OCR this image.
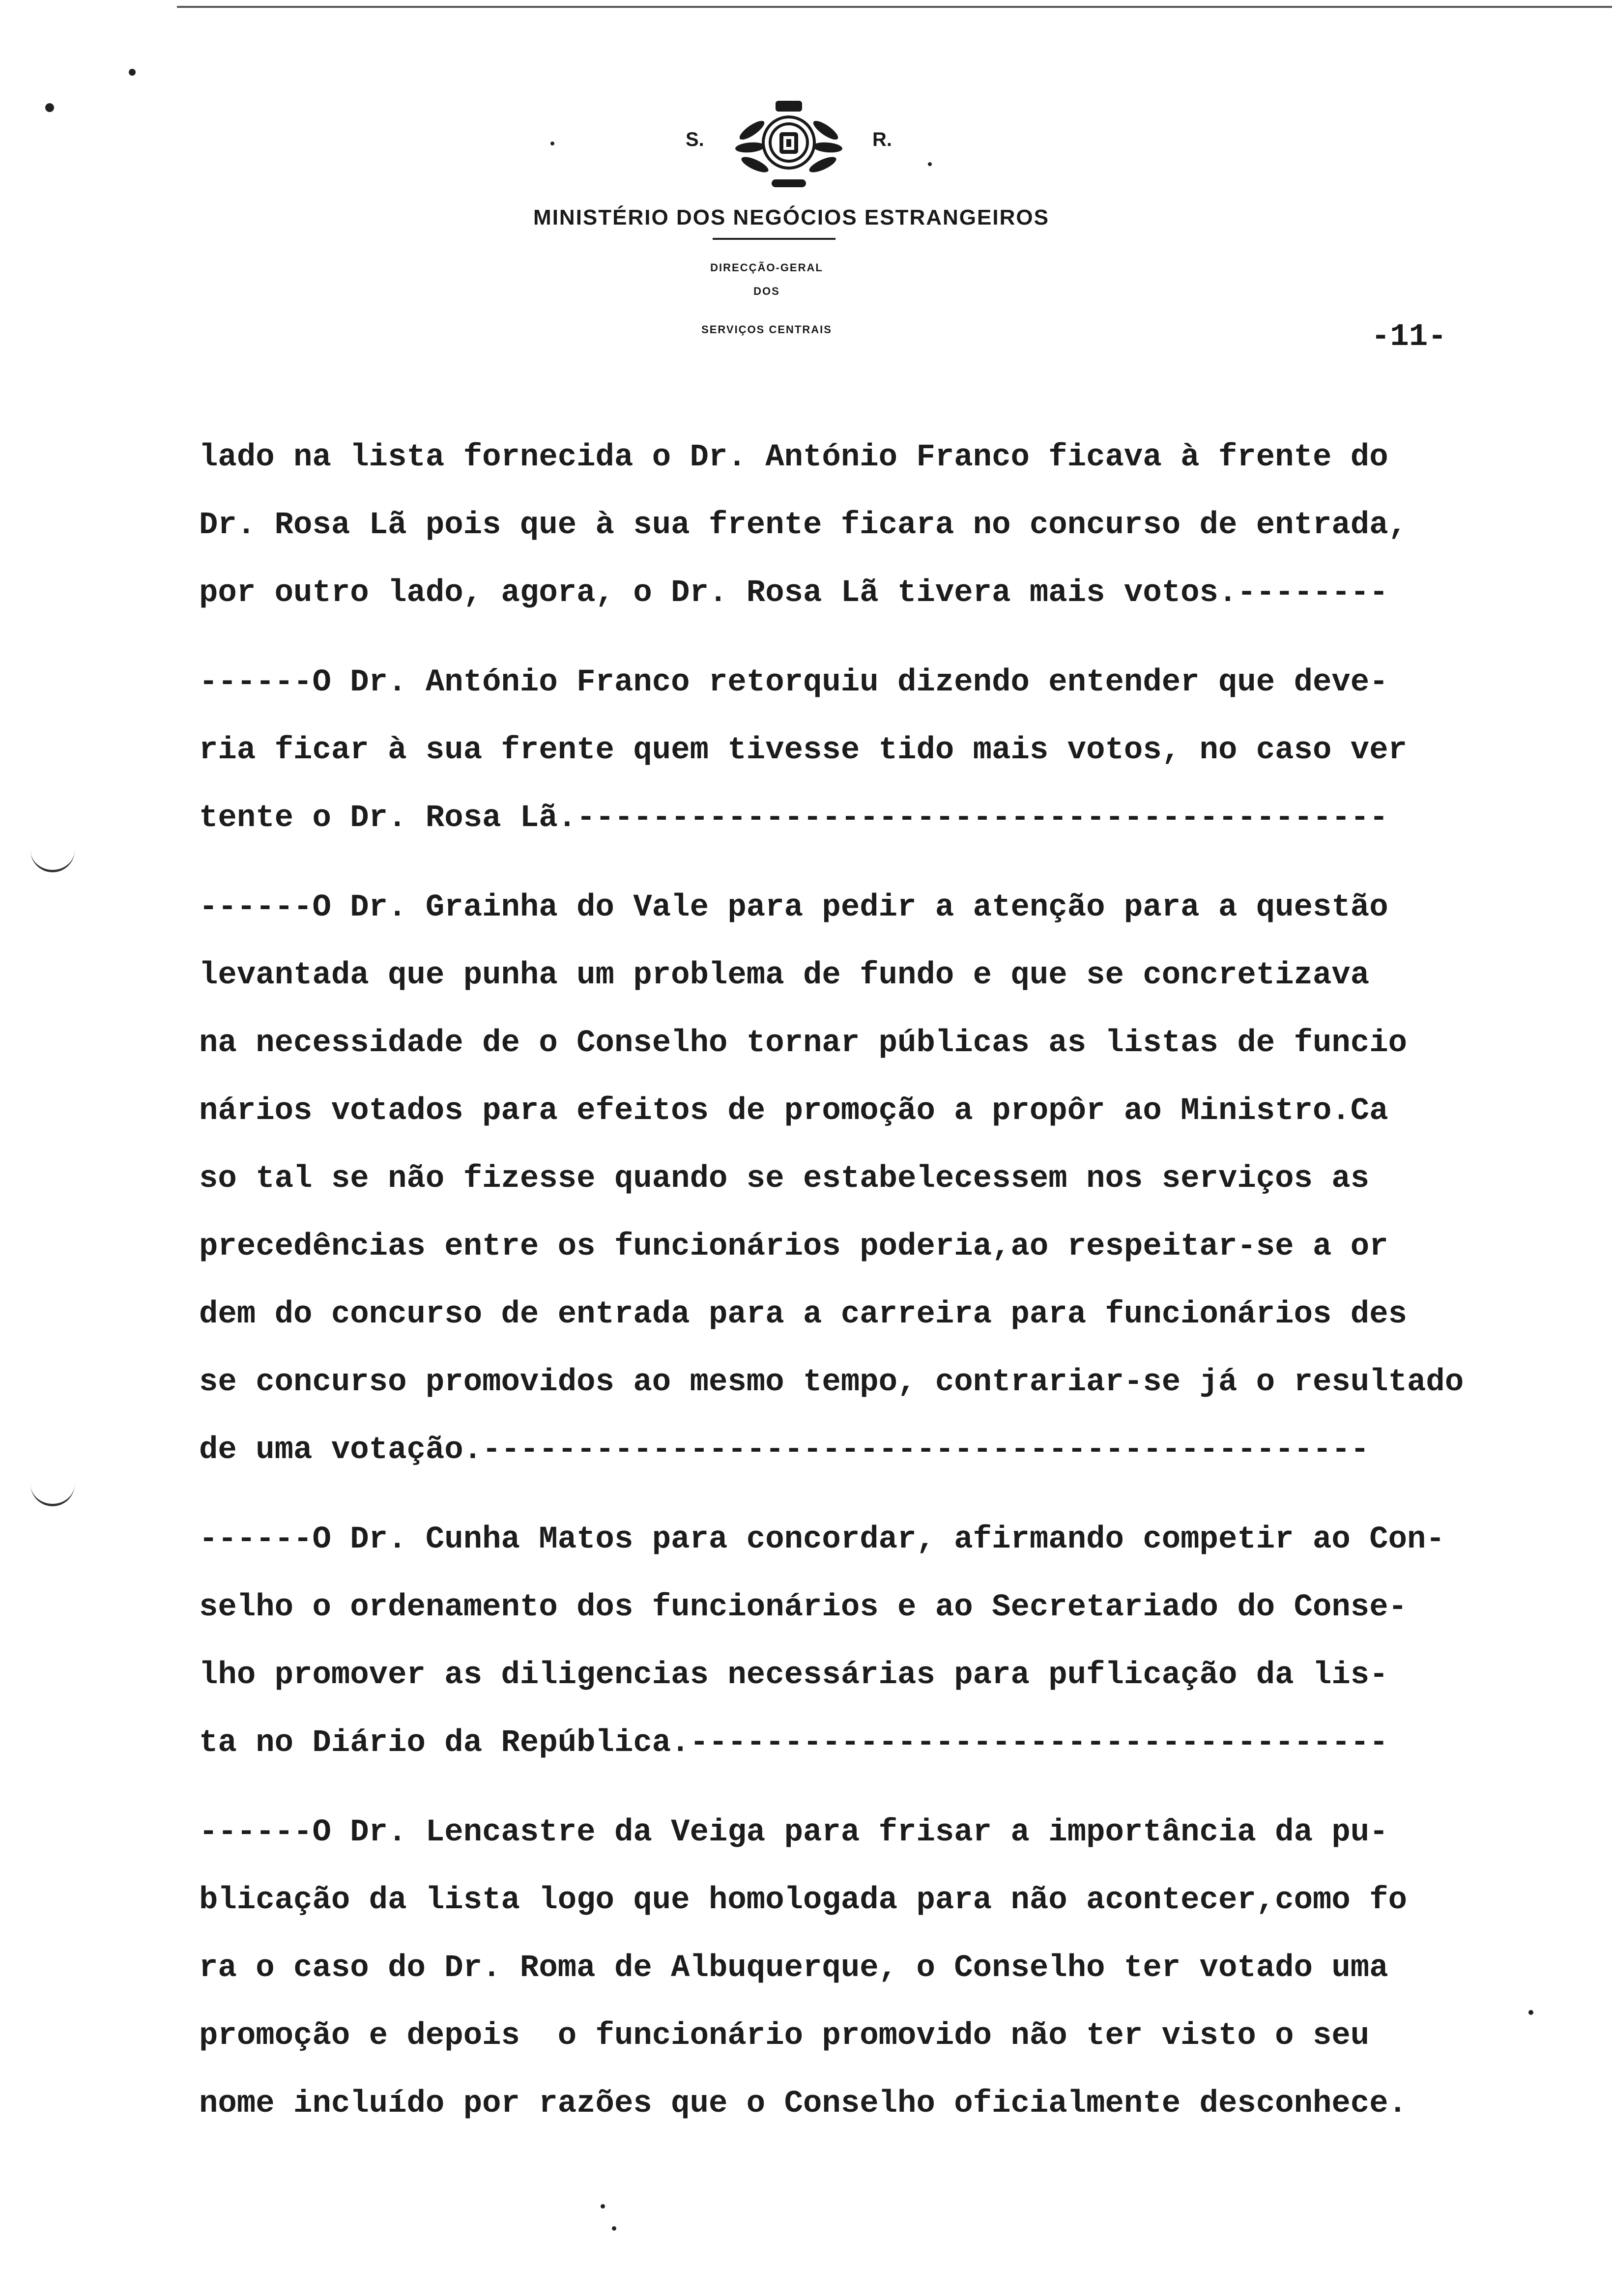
S.	R.
MINISTÉRIO DOS NEGÓCIOS ESTRANGEIROS
DIRECÇÃO-GERAL
DOS
SERVIÇOS CENTRAIS	-11-
lado na lista fornecida o Dr. António Franco ficava à frente do
Dr. Rosa Lã pois que à sua frente ficara no concurso de entrada,
por outro lado, agora, o Dr. Rosa Lã tivera mais votos.--------
------O Dr. António Franco retorquiu dizendo entender que deve-
ria ficar à sua frente quem tivesse tido mais votos, no caso ver
tente o Dr. Rosa Lã.-------------------------------------------
------O Dr. Grainha do Vale para pedir a atenção para a questão
levantada que punha um problema de fundo e que se concretizava
na necessidade de o Conselho tornar públicas as listas de funcio
nários votados para efeitos de promoção a propôr ao Ministro.Ca
so tal se não fizesse quando se estabelecessem nos serviços as
precedências entre os funcionários poderia,ao respeitar-se a or
dem do concurso de entrada para a carreira para funcionários des
se concurso promovidos ao mesmo tempo, contrariar-se já o resultado
de uma votação.-----------------------------------------------
------O Dr. Cunha Matos para concordar, afirmando competir ao Con-
selho o ordenamento dos funcionários e ao Secretariado do Conse-
lho promover as diligencias necessárias para puflicação da lis-
ta no Diário da República.-------------------------------------
------O Dr. Lencastre da Veiga para frisar a importância da pu-
blicação da lista logo que homologada para não acontecer,como fo
ra o caso do Dr. Roma de Albuquerque, o Conselho ter votado uma
promoção e depois  o funcionário promovido não ter visto o seu
nome incluído por razões que o Conselho oficialmente desconhece.
